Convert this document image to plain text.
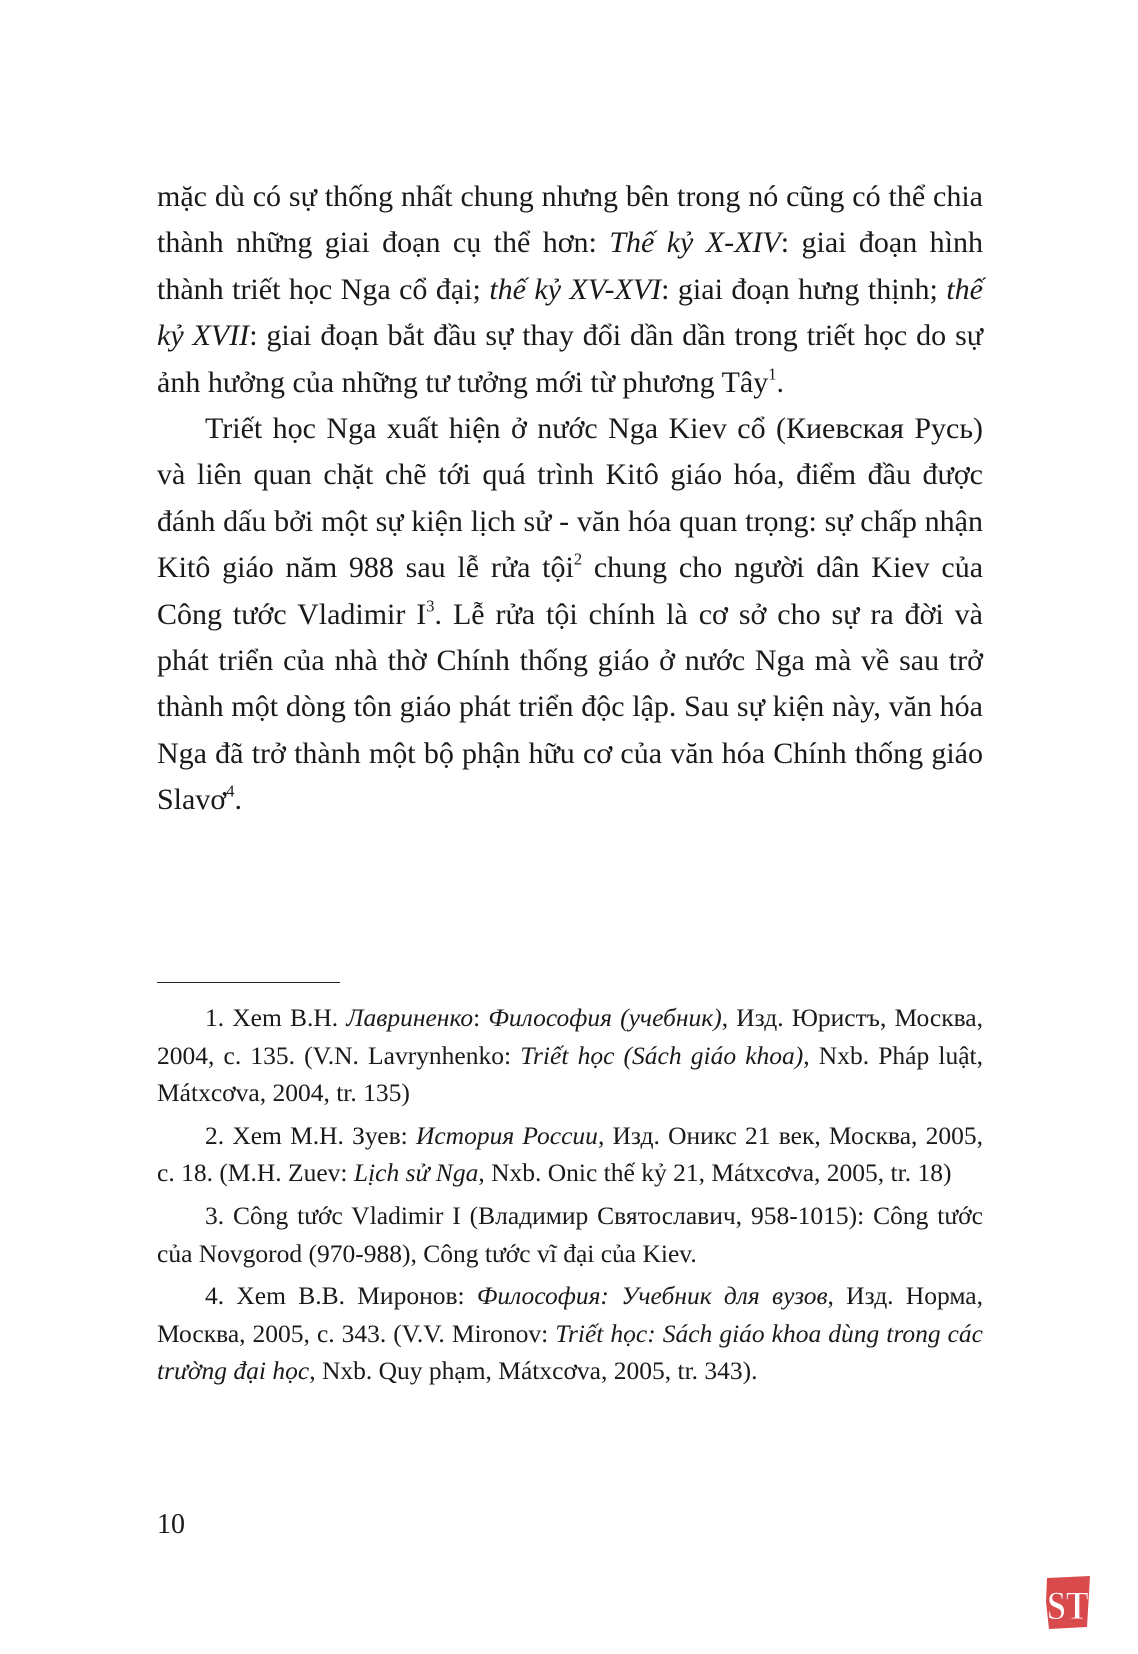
mặc dù có sự thống nhất chung nhưng bên trong nó cũng có thể chia thành những giai đoạn cụ thể hơn: Thế kỷ X-XIV: giai đoạn hình thành triết học Nga cổ đại; thế kỷ XV-XVI: giai đoạn hưng thịnh; thế kỷ XVII: giai đoạn bắt đầu sự thay đổi dần dần trong triết học do sự ảnh hưởng của những tư tưởng mới từ phương Tây$^1$.

Triết học Nga xuất hiện ở nước Nga Kiev cổ (Киевская Русь) và liên quan chặt chẽ tới quá trình Kitô giáo hóa, điểm đầu được đánh dấu bởi một sự kiện lịch sử - văn hóa quan trọng: sự chấp nhận Kitô giáo năm 988 sau lễ rửa tội$^2$ chung cho người dân Kiev của Công tước Vladimir $I^3$. Lễ rửa tội chính là cơ sở cho sự ra đời và phát triển của nhà thờ Chính thống giáo ở nước Nga mà về sau trở thành một dòng tôn giáo phát triển độc lập. Sau sự kiện này, văn hóa Nga đã trở thành một bộ phận hữu cơ của văn hóa Chính thống giáo Slavơ$^4$.

1. Xem В.Н. Лавриненко: Философия (учебник), Изд. Юристъ, Москва, 2004, с. 135. (V.N. Lavrynhenko: Triết học (Sách giáo khoa), Nxb. Pháp luật, Mátxcơva, 2004, tr. 135)

2. Xem М.Н. Зуев: История России, Изд. Оникс 21 век, Москва, 2005, с. 18. (M.H. Zuev: Lịch sử Nga, Nxb. Onic thế kỷ 21, Mátxcơva, 2005, tr. 18)

3. Công tước Vladimir I (Владимир Святославич, 958-1015): Công tước của Novgorod (970-988), Công tước vĩ đại của Kiev.

4. Xem В.В. Миронов: Философия: Учебник для вузов, Изд. Норма, Москва, 2005, с. 343. (V.V. Mironov: Triết học: Sách giáo khoa dùng trong các trường đại học, Nxb. Quy phạm, Mátxcơva, 2005, tr. 343).

10
ST
